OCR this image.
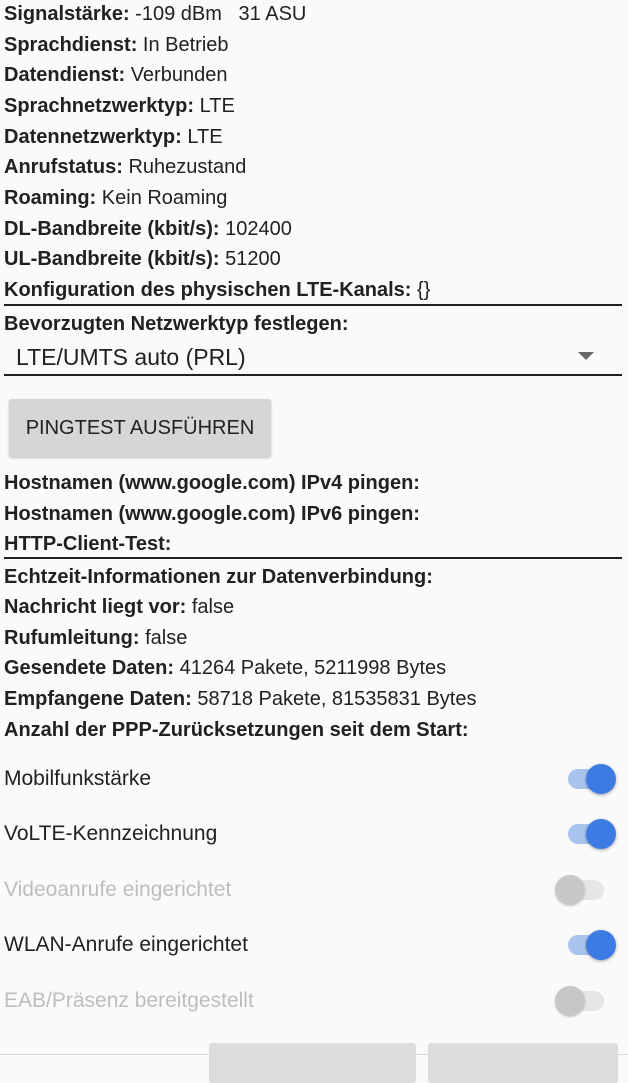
Signalstärke: -109 dBm   31 ASU
Sprachdienst: In Betrieb
Datendienst: Verbunden
Sprachnetzwerktyp: LTE
Datennetzwerktyp: LTE
Anrufstatus: Ruhezustand
Roaming: Kein Roaming
DL-Bandbreite (kbit/s): 102400
UL-Bandbreite (kbit/s): 51200
Konfiguration des physischen LTE-Kanals: {}
Bevorzugten Netzwerktyp festlegen:
LTE/UMTS auto (PRL)
PINGTEST AUSFÜHREN
Hostnamen (www.google.com) IPv4 pingen:
Hostnamen (www.google.com) IPv6 pingen:
HTTP-Client-Test:
Echtzeit-Informationen zur Datenverbindung:
Nachricht liegt vor: false
Rufumleitung: false
Gesendete Daten: 41264 Pakete, 5211998 Bytes
Empfangene Daten: 58718 Pakete, 81535831 Bytes
Anzahl der PPP-Zurücksetzungen seit dem Start:
Mobilfunkstärke
VoLTE-Kennzeichnung
Videoanrufe eingerichtet
WLAN-Anrufe eingerichtet
EAB/Präsenz bereitgestellt
